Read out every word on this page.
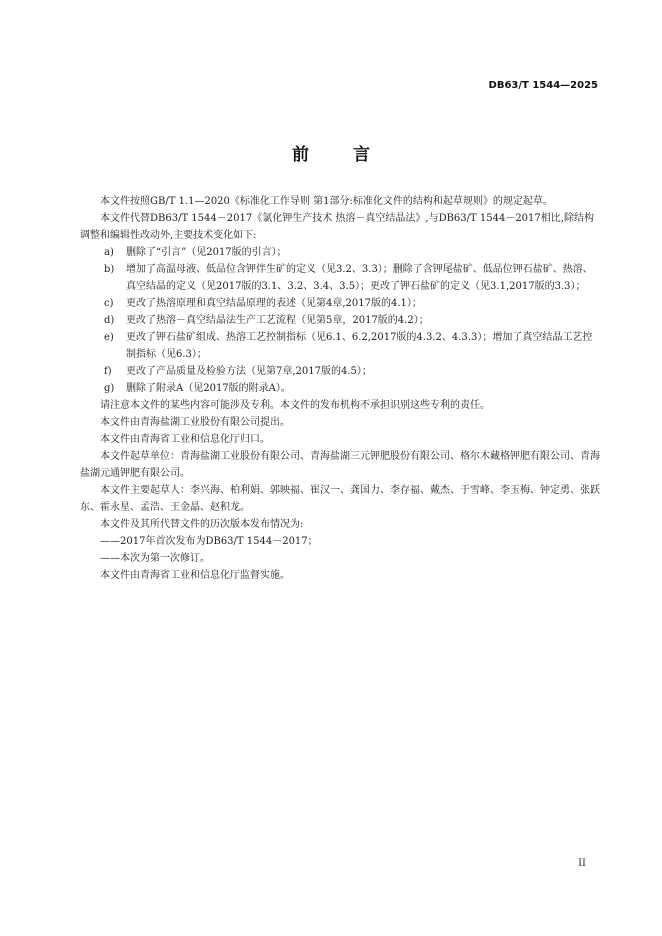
DB63/T 1544—2025
前言

本文件按照GB/T 1.1—2020《标准化工作导则 第1部分:标准化文件的结构和起草规则》的规定起草。

本文件代替DB63/T 1544－2017《氯化钾生产技术 热溶－真空结晶法》,与DB63/T 1544－2017相比,除结构调整和编辑性改动外,主要技术变化如下:

a) 删除了“引言”（见2017版的引言）；

b) 增加了高温母液、低品位含钾伴生矿的定义（见3.2、3.3）；删除了含钾尾盐矿、低品位钾石盐矿、热溶、真空结晶的定义（见2017版的3.1、3.2、3.4、3.5）；更改了钾石盐矿的定义（见3.1,2017版的3.3）；

c) 更改了热溶原理和真空结晶原理的表述（见第4章,2017版的4.1）；

d) 更改了热溶－真空结晶法生产工艺流程（见第5章，2017版的4.2）；

e) 更改了钾石盐矿组成、热溶工艺控制指标（见6.1、6.2,2017版的4.3.2、4.3.3）；增加了真空结晶工艺控制指标（见6.3）；

f) 更改了产品质量及检验方法（见第7章,2017版的4.5）；

g) 删除了附录A（见2017版的附录A）。

请注意本文件的某些内容可能涉及专利。本文件的发布机构不承担识别这些专利的责任。

本文件由青海盐湖工业股份有限公司提出。

本文件由青海省工业和信息化厅归口。

本文件起草单位：青海盐湖工业股份有限公司、青海盐湖三元钾肥股份有限公司、格尔木藏格钾肥有限公司、青海盐湖元通钾肥有限公司。

本文件主要起草人：李兴海、柏利娟、郭映福、崔汉一、龚国力、李存福、戴杰、于雪峰、李玉梅、钟定勇、张跃东、霍永星、孟浩、王金晶、赵积龙。

本文件及其所代替文件的历次版本发布情况为:

——2017年首次发布为DB63/T 1544－2017；

——本次为第一次修订。

本文件由青海省工业和信息化厅监督实施。

II
